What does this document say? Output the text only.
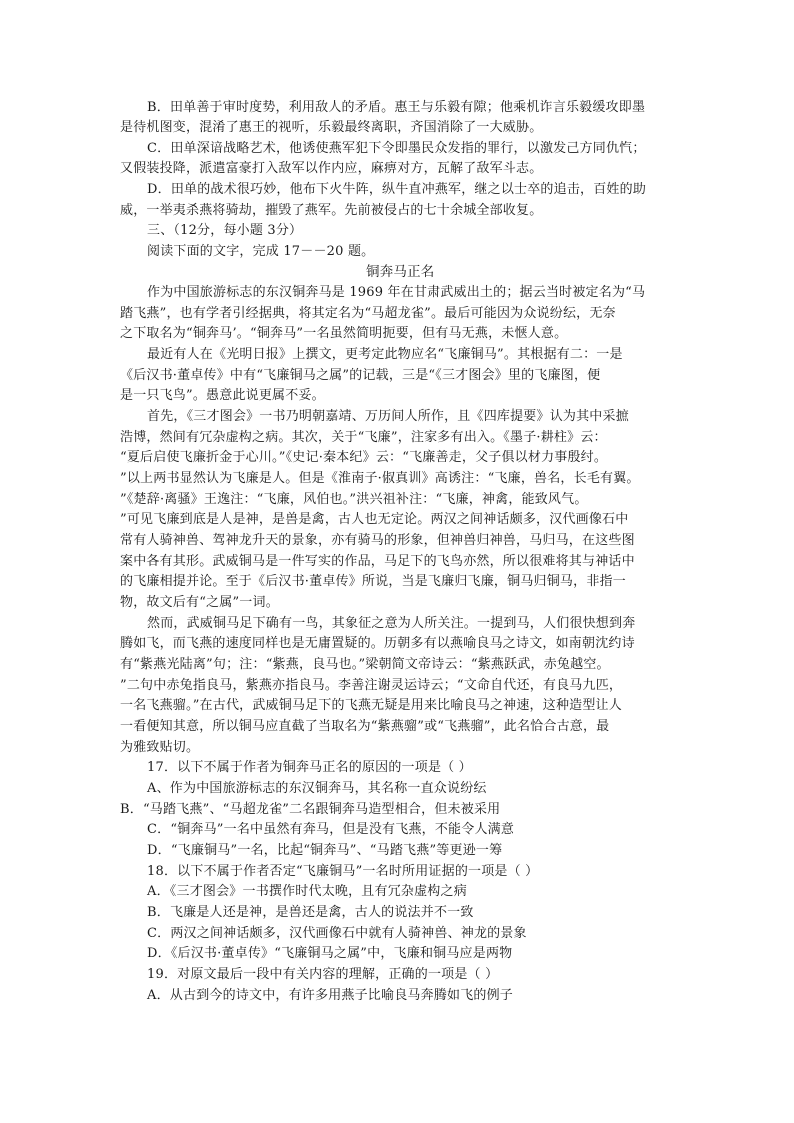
B．田单善于审时度势，利用敌人的矛盾。惠王与乐毅有隙；他乘机诈言乐毅缓攻即墨
是待机图变，混淆了惠王的视听，乐毅最终离职，齐国消除了一大威胁。
C．田单深谙战略艺术，他诱使燕军犯下令即墨民众发指的罪行，以激发己方同仇忾；
又假装投降，派遣富豪打入敌军以作内应，麻痹对方，瓦解了敌军斗志。
D．田单的战术很巧妙，他布下火牛阵，纵牛直冲燕军，继之以士卒的追击，百姓的助
威，一举夷杀燕将骑劫，摧毁了燕军。先前被侵占的七十余城全部收复。
三、（12分，每小题 3分）
阅读下面的文字，完成 17－－20 题。
铜奔马正名
作为中国旅游标志的东汉铜奔马是 1969 年在甘肃武威出土的；据云当时被定名为“马
踏飞燕”，也有学者引经据典，将其定名为“马超龙雀”。最后可能因为众说纷纭，无奈
之下取名为“铜奔马’。“铜奔马”一名虽然简明扼要，但有马无燕，未惬人意。
最近有人在《光明日报》上撰文，更考定此物应名“飞廉铜马”。其根据有二：一是
《后汉书·董卓传》中有“飞廉铜马之属”的记载，三是“《三才图会》里的飞廉图，便
是一只飞鸟”。愚意此说更属不妥。
首先，《三才图会》一书乃明朝嘉靖、万历间人所作，且《四库提要》认为其中采摭
浩博，然间有冗杂虚构之病。其次，关于“飞廉”，注家多有出入。《墨子·耕柱》云：
“夏后启使飞廉折金于心川。”《史记·秦本纪》云：“飞廉善走，父子俱以材力事殷纣。
”以上两书显然认为飞廉是人。但是《淮南子·俶真训》高诱注：“飞廉，兽名，长毛有翼。
”《楚辞·离骚》王逸注：“飞廉，风伯也。”洪兴祖补注：“飞廉，神禽，能致风气。
”可见飞廉到底是人是神，是兽是禽，古人也无定论。两汉之间神话颇多，汉代画像石中
常有人骑神兽、驾神龙升天的景象，亦有骑马的形象，但神兽归神兽，马归马，在这些图
案中各有其形。武威铜马是一件写实的作品，马足下的飞鸟亦然，所以很难将其与神话中
的飞廉相提并论。至于《后汉书·董卓传》所说，当是飞廉归飞廉，铜马归铜马，非指一
物，故文后有“之属”一词。
然而，武威铜马足下确有一鸟，其象征之意为人所关注。一提到马，人们很快想到奔
腾如飞，而飞燕的速度同样也是无庸置疑的。历朝多有以燕喻良马之诗文，如南朝沈约诗
有“紫燕光陆离”句；注：“紫燕，良马也。”梁朝简文帝诗云：“紫燕跃武，赤兔越空。
”二句中赤兔指良马，紫燕亦指良马。李善注谢灵运诗云；“文命自代还，有良马九匹，
一名飞燕骝。”在古代，武威铜马足下的飞燕无疑是用来比喻良马之神速，这种造型让人
一看便知其意，所以铜马应直截了当取名为“紫燕骝”或“飞燕骝”，此名恰合古意，最
为雅致贴切。
17．以下不属于作者为铜奔马正名的原因的一项是（ ）
A、作为中国旅游标志的东汉铜奔马，其名称一直众说纷纭
B．“马踏飞燕”、“马超龙雀”二名跟铜奔马造型相合，但未被采用
C．“铜奔马”一名中虽然有奔马，但是没有飞燕，不能令人满意
D．“飞廉铜马”一名，比起“铜奔马”、“马踏飞燕”等更逊一筹
18．以下不属于作者否定“飞廉铜马”一名时所用证据的一项是（ ）
A．《三才图会》一书撰作时代太晚，且有冗杂虚构之病
B．飞廉是人还是神，是兽还是禽，古人的说法并不一致
C．两汉之间神话颇多，汉代画像石中就有人骑神兽、神龙的景象
D．《后汉书·董卓传》“飞廉铜马之属”中，飞廉和铜马应是两物
19．对原文最后一段中有关内容的理解，正确的一项是（ ）
A．从古到今的诗文中，有许多用燕子比喻良马奔腾如飞的例子
